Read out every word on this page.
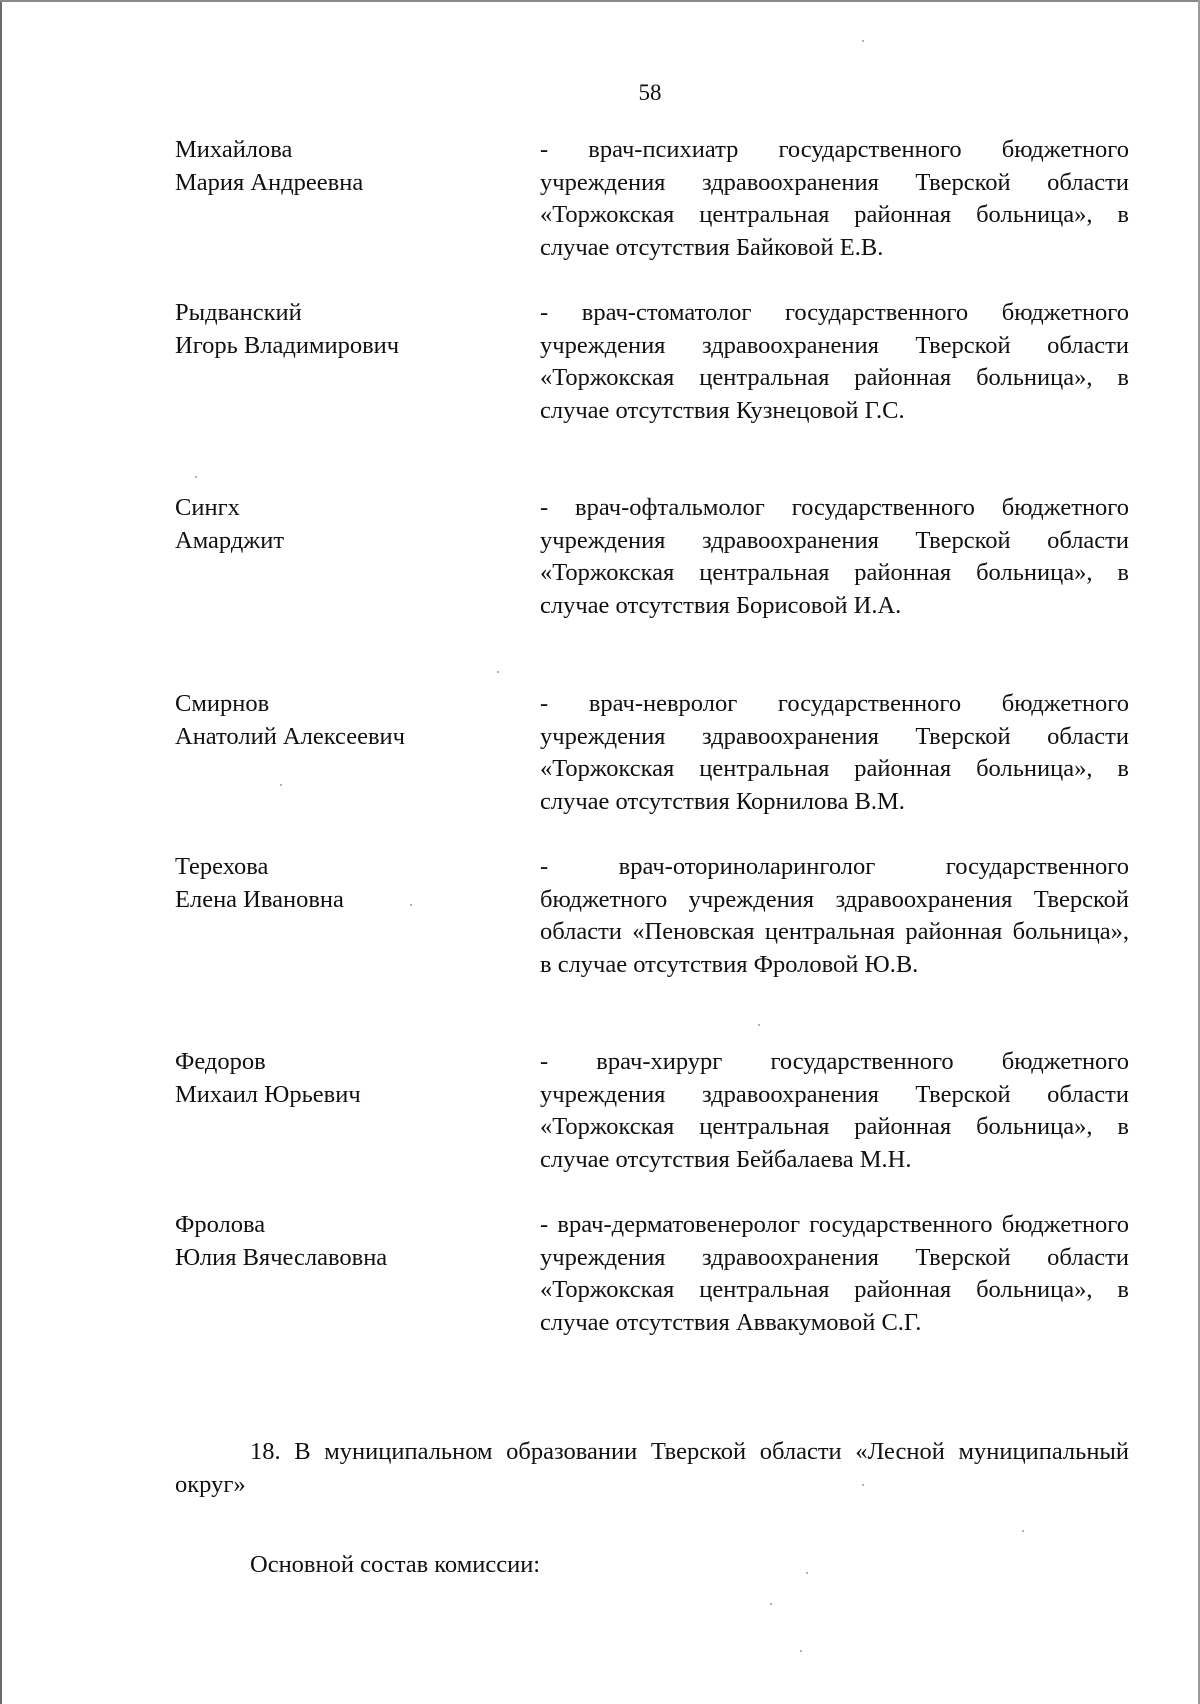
58
Михайлова
Мария Андреевна
- врач-психиатр государственного бюджетного учреждения здравоохранения Тверской области «Торжокская центральная районная больница», в случае отсутствия Байковой Е.В.
Рыдванский
Игорь Владимирович
- врач-стоматолог государственного бюджетного учреждения здравоохранения Тверской области «Торжокская центральная районная больница», в случае отсутствия Кузнецовой Г.С.
Сингх
Амарджит
- врач-офтальмолог государственного бюджетного учреждения здравоохранения Тверской области «Торжокская центральная районная больница», в случае отсутствия Борисовой И.А.
Смирнов
Анатолий Алексеевич
- врач-невролог государственного бюджетного учреждения здравоохранения Тверской области «Торжокская центральная районная больница», в случае отсутствия Корнилова В.М.
Терехова
Елена Ивановна
- врач-оториноларинголог государственного бюджетного учреждения здравоохранения Тверской области «Пеновская центральная районная больница», в случае отсутствия Фроловой Ю.В.
Федоров
Михаил Юрьевич
- врач-хирург государственного бюджетного учреждения здравоохранения Тверской области «Торжокская центральная районная больница», в случае отсутствия Бейбалаева М.Н.
Фролова
Юлия Вячеславовна
- врач-дерматовенеролог государственного бюджетного учреждения здравоохранения Тверской области «Торжокская центральная районная больница», в случае отсутствия Аввакумовой С.Г.
18. В муниципальном образовании Тверской области «Лесной муниципальный округ»
Основной состав комиссии:
